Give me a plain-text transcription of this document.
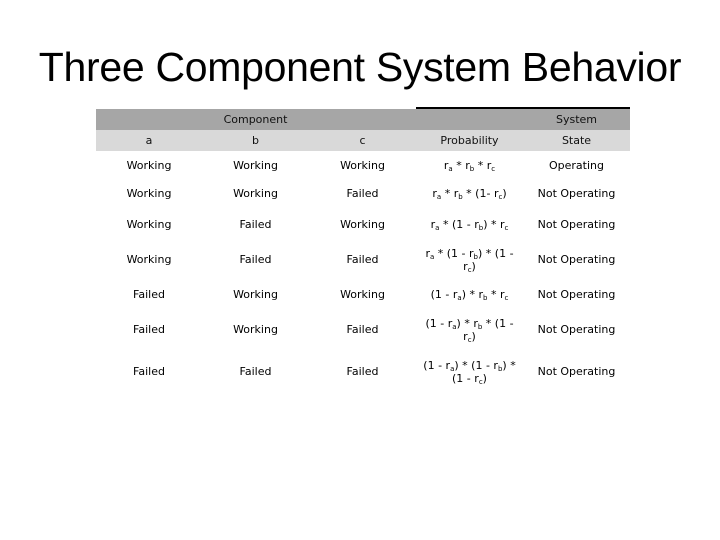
Three Component System Behavior
Component	System
a	b	c	Probability	State
Working	Working	Working	$r_a * r_b * r_c$	Operating
Working	Working	Failed	$r_a * r_b * (1-$ $r_c$)	Not Operating
Working	Failed	Working	$r_a * (1 - r_b) * r_c$	Not Operating
Working	Failed	Failed	$r_a * (1 - r_b) * (1 - r_c)$	Not Operating
Failed	Working	Working	$(1 - r_a) * r_b * r_c$	Not Operating
Failed	Working	Failed	$(1 - r_a) * r_b * (1 - r_c)$	Not Operating
Failed	Failed	Failed	$(1 - r_a) * (1 - r_b) * (1 - r_c)$	Not Operating
